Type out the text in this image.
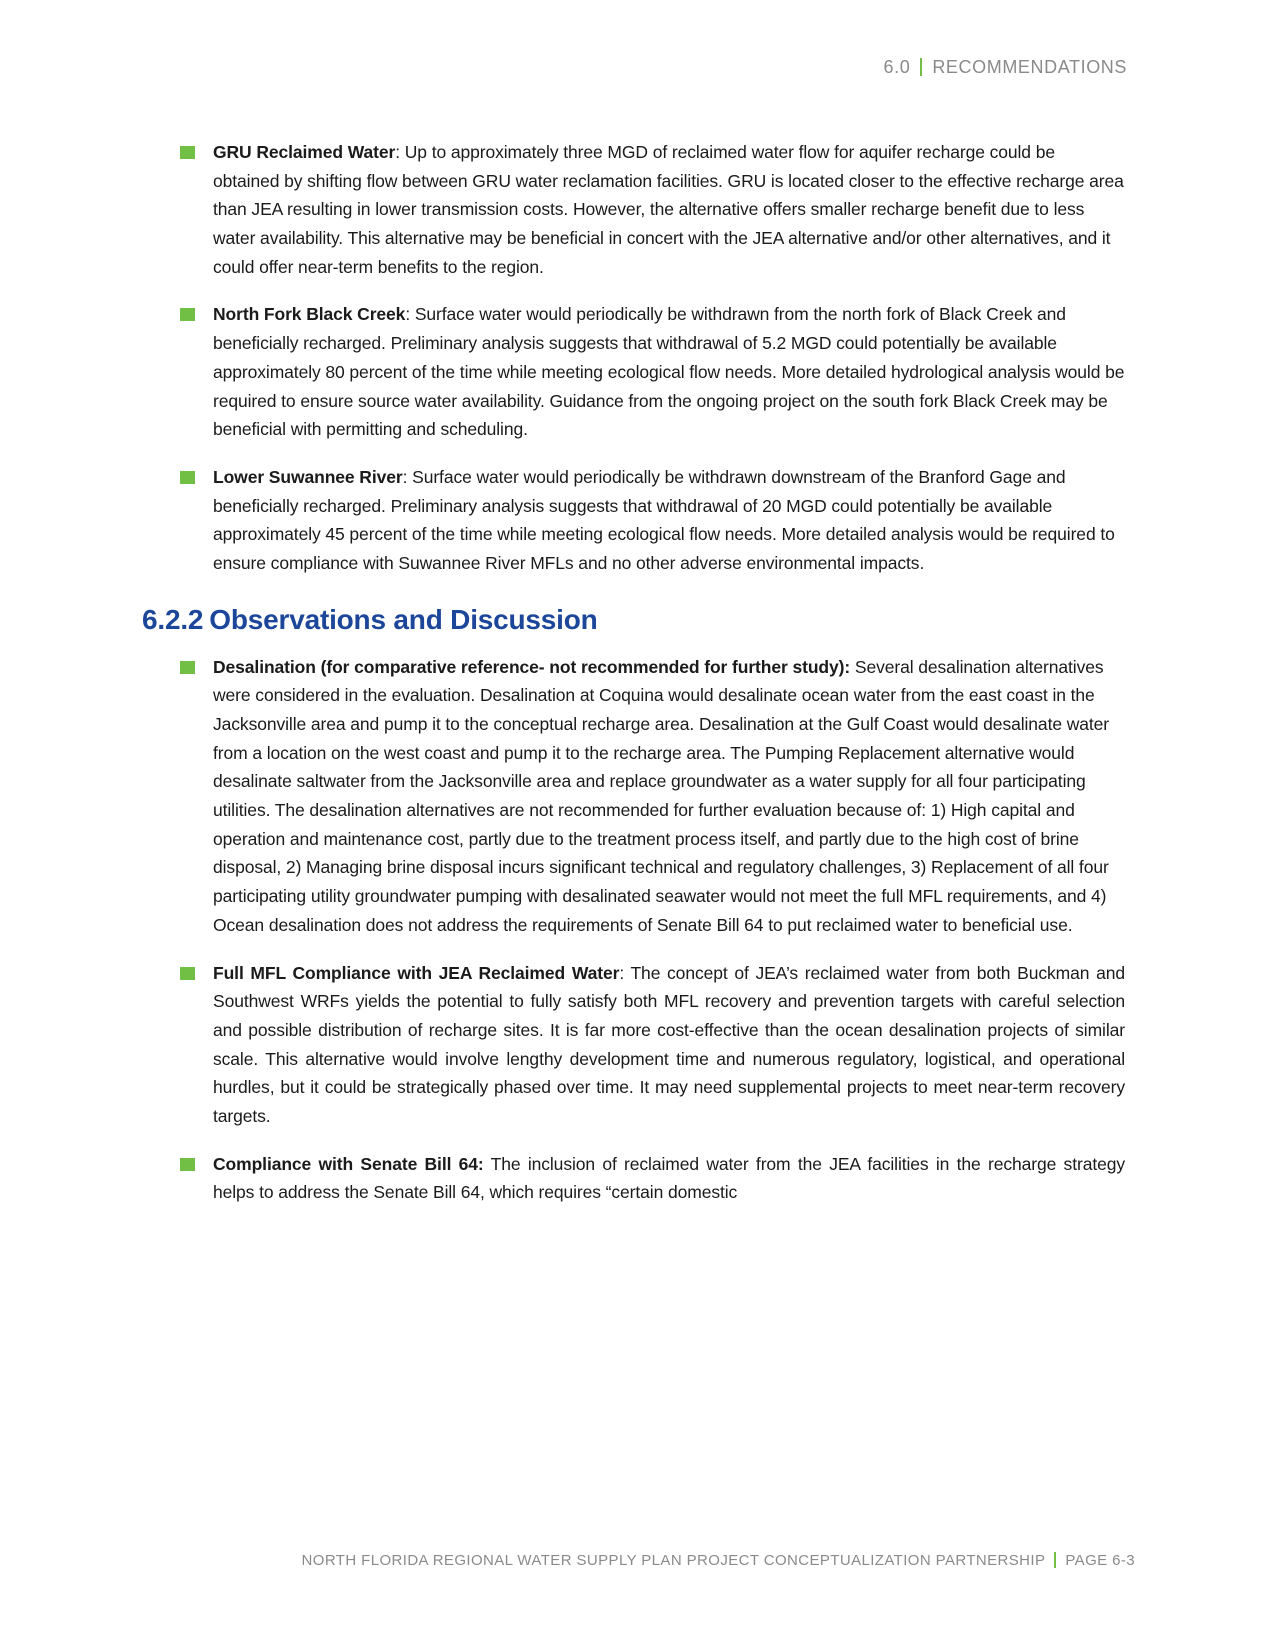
6.0 RECOMMENDATIONS
GRU Reclaimed Water: Up to approximately three MGD of reclaimed water flow for aquifer recharge could be obtained by shifting flow between GRU water reclamation facilities. GRU is located closer to the effective recharge area than JEA resulting in lower transmission costs. However, the alternative offers smaller recharge benefit due to less water availability. This alternative may be beneficial in concert with the JEA alternative and/or other alternatives, and it could offer near-term benefits to the region.
North Fork Black Creek: Surface water would periodically be withdrawn from the north fork of Black Creek and beneficially recharged. Preliminary analysis suggests that withdrawal of 5.2 MGD could potentially be available approximately 80 percent of the time while meeting ecological flow needs. More detailed hydrological analysis would be required to ensure source water availability. Guidance from the ongoing project on the south fork Black Creek may be beneficial with permitting and scheduling.
Lower Suwannee River: Surface water would periodically be withdrawn downstream of the Branford Gage and beneficially recharged. Preliminary analysis suggests that withdrawal of 20 MGD could potentially be available approximately 45 percent of the time while meeting ecological flow needs. More detailed analysis would be required to ensure compliance with Suwannee River MFLs and no other adverse environmental impacts.
6.2.2 Observations and Discussion
Desalination (for comparative reference- not recommended for further study): Several desalination alternatives were considered in the evaluation. Desalination at Coquina would desalinate ocean water from the east coast in the Jacksonville area and pump it to the conceptual recharge area. Desalination at the Gulf Coast would desalinate water from a location on the west coast and pump it to the recharge area. The Pumping Replacement alternative would desalinate saltwater from the Jacksonville area and replace groundwater as a water supply for all four participating utilities. The desalination alternatives are not recommended for further evaluation because of: 1) High capital and operation and maintenance cost, partly due to the treatment process itself, and partly due to the high cost of brine disposal, 2) Managing brine disposal incurs significant technical and regulatory challenges, 3) Replacement of all four participating utility groundwater pumping with desalinated seawater would not meet the full MFL requirements, and 4) Ocean desalination does not address the requirements of Senate Bill 64 to put reclaimed water to beneficial use.
Full MFL Compliance with JEA Reclaimed Water: The concept of JEA’s reclaimed water from both Buckman and Southwest WRFs yields the potential to fully satisfy both MFL recovery and prevention targets with careful selection and possible distribution of recharge sites. It is far more cost-effective than the ocean desalination projects of similar scale. This alternative would involve lengthy development time and numerous regulatory, logistical, and operational hurdles, but it could be strategically phased over time. It may need supplemental projects to meet near-term recovery targets.
Compliance with Senate Bill 64: The inclusion of reclaimed water from the JEA facilities in the recharge strategy helps to address the Senate Bill 64, which requires “certain domestic
NORTH FLORIDA REGIONAL WATER SUPPLY PLAN PROJECT CONCEPTUALIZATION PARTNERSHIP PAGE 6-3
